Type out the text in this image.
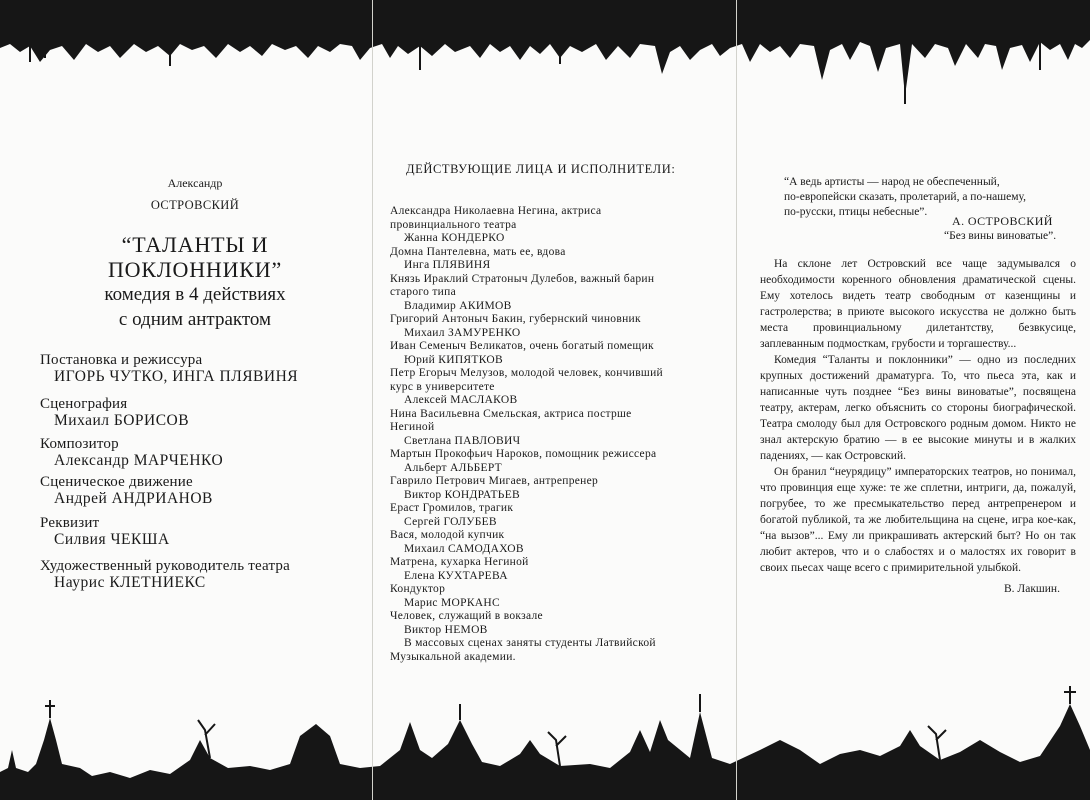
Александр
ОСТРОВСКИЙ
“ТАЛАНТЫ И
ПОКЛОННИКИ”
комедия в 4 действиях
с одним антрактом
Постановка и режиссура
ИГОРЬ ЧУТКО, ИНГА ПЛЯВИНЯ
Сценография
Михаил БОРИСОВ
Композитор
Александр МАРЧЕНКО
Сценическое движение
Андрей АНДРИАНОВ
Реквизит
Силвия ЧЕКША
Художественный руководитель театра
Наурис КЛЕТНИЕКС
ДЕЙСТВУЮЩИЕ ЛИЦА И ИСПОЛНИТЕЛИ:
Александра Николаевна Негина, актриса
провинциального театра
Жанна КОНДЕРКО
Домна Пантелевна, мать ее, вдова
Инга ПЛЯВИНЯ
Князь Ираклий Стратоныч Дулебов, важный барин
старого типа
Владимир АКИМОВ
Григорий Антоныч Бакин, губернский чиновник
Михаил ЗАМУРЕНКО
Иван Семеныч Великатов, очень богатый помещик
Юрий КИПЯТКОВ
Петр Егорыч Мелузов, молодой человек, кончивший
курс в университете
Алексей МАСЛАКОВ
Нина Васильевна Смельская, актриса пострше
Негиной
Светлана ПАВЛОВИЧ
Мартын Прокофьич Нароков, помощник режиссера
Альберт АЛЬБЕРТ
Гаврило Петрович Мигаев, антрепренер
Виктор КОНДРАТЬЕВ
Ераст Громилов, трагик
Сергей ГОЛУБЕВ
Вася, молодой купчик
Михаил САМОДАХОВ
Матрена, кухарка Негиной
Елена КУХТАРЕВА
Кондуктор
Марис МОРКАНС
Человек, служащий в вокзале
Виктор НЕМОВ
В массовых сценах заняты студенты Латвийской
Музыкальной академии.
“А ведь артисты — народ не обеспеченный,
по-европейски сказать, пролетарий, а по-нашему,
по-русски, птицы небесные”.
А. ОСТРОВСКИЙ
“Без вины виноватые”.

На склоне лет Островский все чаще задумывался о необходимости коренного обновления драматической сцены. Ему хотелось видеть театр свободным от казенщины и гастролерства; в приюте высокого искусства не должно быть места провинциальному дилетантству, безвкусице, заплеванным подмосткам, грубости и торгашеству...

Комедия “Таланты и поклонники” — одно из последних крупных достижений драматурга. То, что пьеса эта, как и написанные чуть позднее “Без вины виноватые”, посвящена театру, актерам, легко объяснить со стороны биографической. Театра смолоду был для Островского родным домом. Никто не знал актерскую братию — в ее высокие минуты и в жалких падениях, — как Островский.

Он бранил “неурядицу” императорских театров, но понимал, что провинция еще хуже: те же сплетни, интриги, да, пожалуй, погрубее, то же пресмыкательство перед антрепренером и богатой публикой, та же любительщина на сцене, игра кое-как, “на вызов”... Ему ли прикрашивать актерский быт? Но он так любит актеров, что и о слабостях и о малостях их говорит в своих пьесах чаще всего с примирительной улыбкой.

В. Лакшин.
